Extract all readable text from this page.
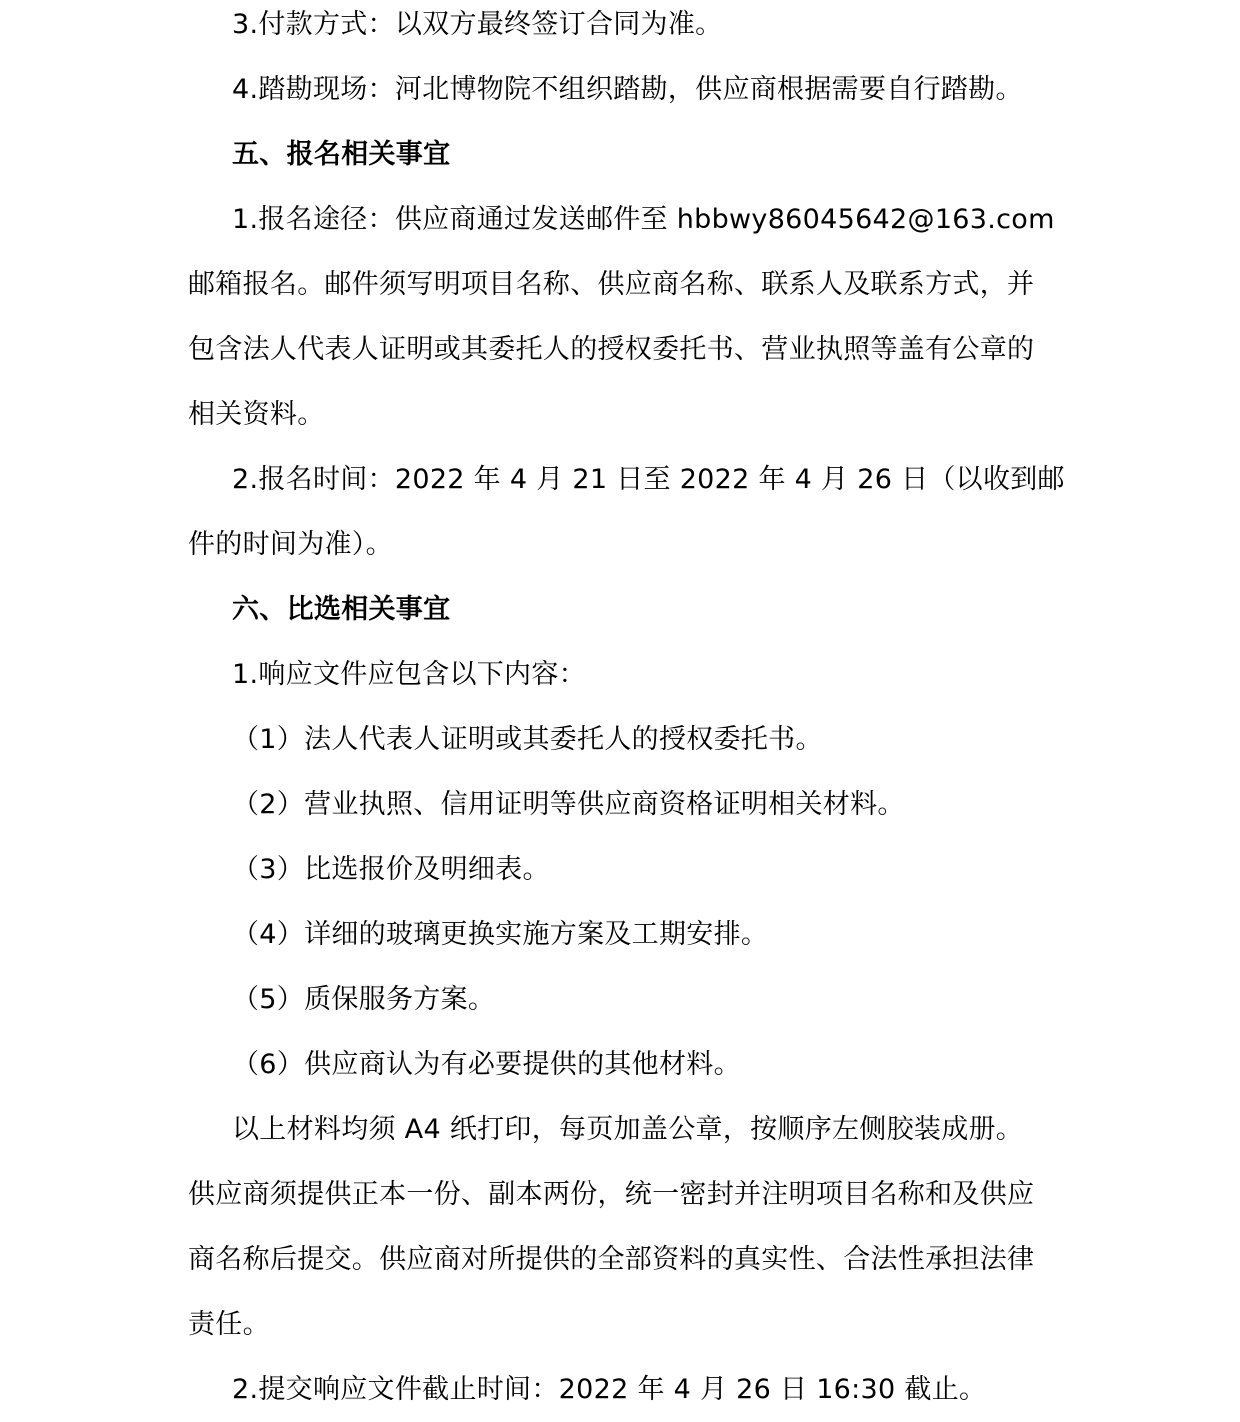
3.付款方式：以双方最终签订合同为准。

4.踏勘现场：河北博物院不组织踏勘，供应商根据需要自行踏勘。

五、报名相关事宜

1.报名途径：供应商通过发送邮件至 hbbwy86045642@163.com

邮箱报名。邮件须写明项目名称、供应商名称、联系人及联系方式，并

包含法人代表人证明或其委托人的授权委托书、营业执照等盖有公章的

相关资料。

2.报名时间：2022 年 4 月 21 日至 2022 年 4 月 26 日（以收到邮

件的时间为准）。

六、比选相关事宜

1.响应文件应包含以下内容：

（1）法人代表人证明或其委托人的授权委托书。

（2）营业执照、信用证明等供应商资格证明相关材料。

（3）比选报价及明细表。

（4）详细的玻璃更换实施方案及工期安排。

（5）质保服务方案。

（6）供应商认为有必要提供的其他材料。

以上材料均须 A4 纸打印，每页加盖公章，按顺序左侧胶装成册。

供应商须提供正本一份、副本两份，统一密封并注明项目名称和及供应

商名称后提交。供应商对所提供的全部资料的真实性、合法性承担法律

责任。

2.提交响应文件截止时间：2022 年 4 月 26 日 16:30 截止。
